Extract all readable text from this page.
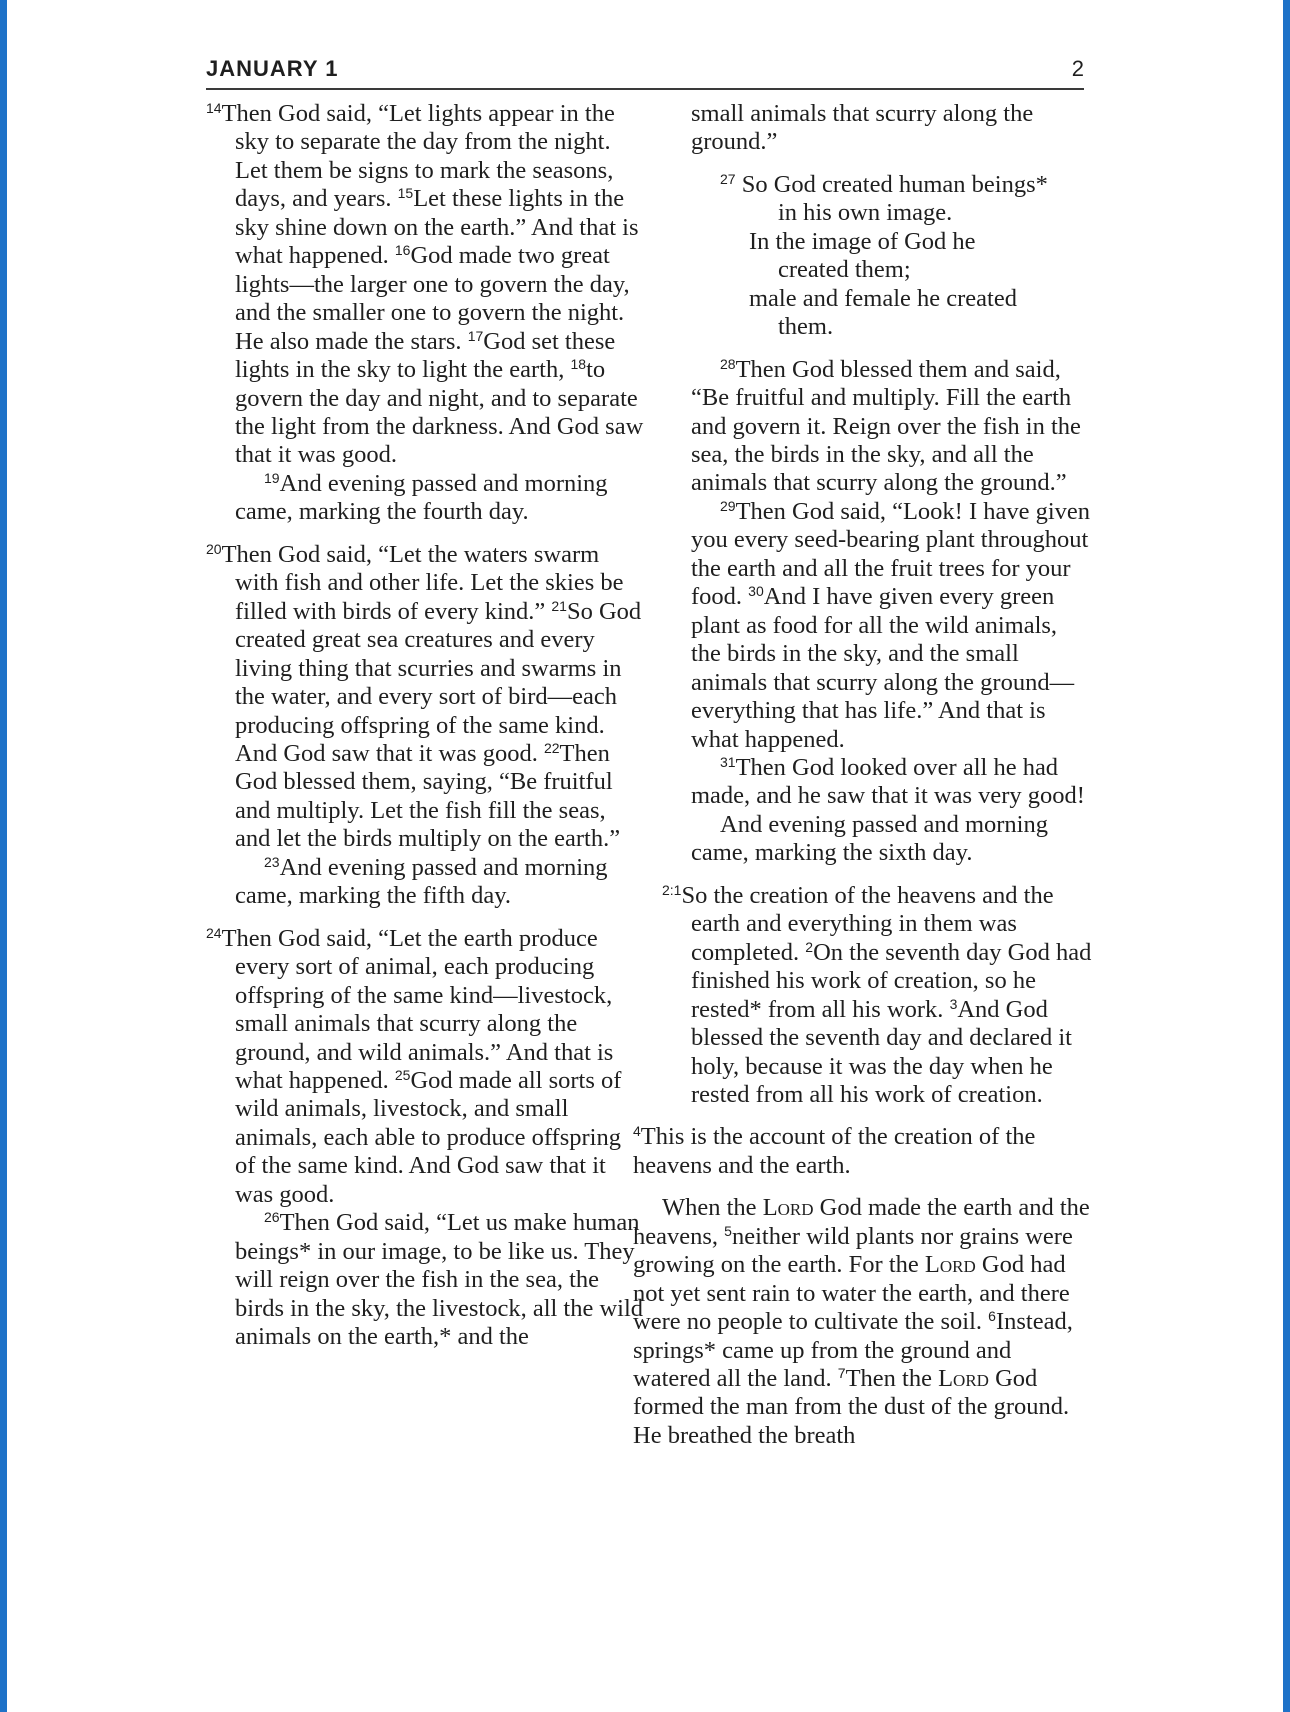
JANUARY 1	2

$^{14}$Then God said, “Let lights appear in the sky to separate the day from the night. Let them be signs to mark the seasons, days, and years. $^{15}$Let these lights in the sky shine down on the earth.” And that is what happened. $^{16}$God made two great lights—the larger one to govern the day, and the smaller one to govern the night. He also made the stars. $^{17}$God set these lights in the sky to light the earth, $^{18}$to govern the day and night, and to separate the light from the darkness. And God saw that it was good.

$^{19}$And evening passed and morning came, marking the fourth day.

$^{20}$Then God said, “Let the waters swarm with fish and other life. Let the skies be filled with birds of every kind.” $^{21}$So God created great sea creatures and every living thing that scurries and swarms in the water, and every sort of bird—each producing offspring of the same kind. And God saw that it was good. $^{22}$Then God blessed them, saying, “Be fruitful and multiply. Let the fish fill the seas, and let the birds multiply on the earth.”

$^{23}$And evening passed and morning came, marking the fifth day.

$^{24}$Then God said, “Let the earth produce every sort of animal, each producing offspring of the same kind—livestock, small animals that scurry along the ground, and wild animals.” And that is what happened. $^{25}$God made all sorts of wild animals, livestock, and small animals, each able to produce offspring of the same kind. And God saw that it was good.

$^{26}$Then God said, “Let us make human beings* in our image, to be like us. They will reign over the fish in the sea, the birds in the sky, the livestock, all the wild animals on the earth,* and the

small animals that scurry along the ground.”

$^{27}$ So God created human beings*

in his own image.

In the image of God he

created them;

male and female he created

them.

$^{28}$Then God blessed them and said, “Be fruitful and multiply. Fill the earth and govern it. Reign over the fish in the sea, the birds in the sky, and all the animals that scurry along the ground.”

$^{29}$Then God said, “Look! I have given you every seed-bearing plant throughout the earth and all the fruit trees for your food. $^{30}$And I have given every green plant as food for all the wild animals, the birds in the sky, and the small animals that scurry along the ground—everything that has life.” And that is what happened.

$^{31}$Then God looked over all he had made, and he saw that it was very good!

And evening passed and morning came, marking the sixth day.

$^{2:1}$So the creation of the heavens and the earth and everything in them was completed. $^2$On the seventh day God had finished his work of creation, so he rested* from all his work. $^3$And God blessed the seventh day and declared it holy, because it was the day when he rested from all his work of creation.

$^4$This is the account of the creation of the heavens and the earth.

When the Lord God made the earth and the heavens, $^5$neither wild plants nor grains were growing on the earth. For the Lord God had not yet sent rain to water the earth, and there were no people to cultivate the soil. $^6$Instead, springs* came up from the ground and watered all the land. $^7$Then the Lord God formed the man from the dust of the ground. He breathed the breath
